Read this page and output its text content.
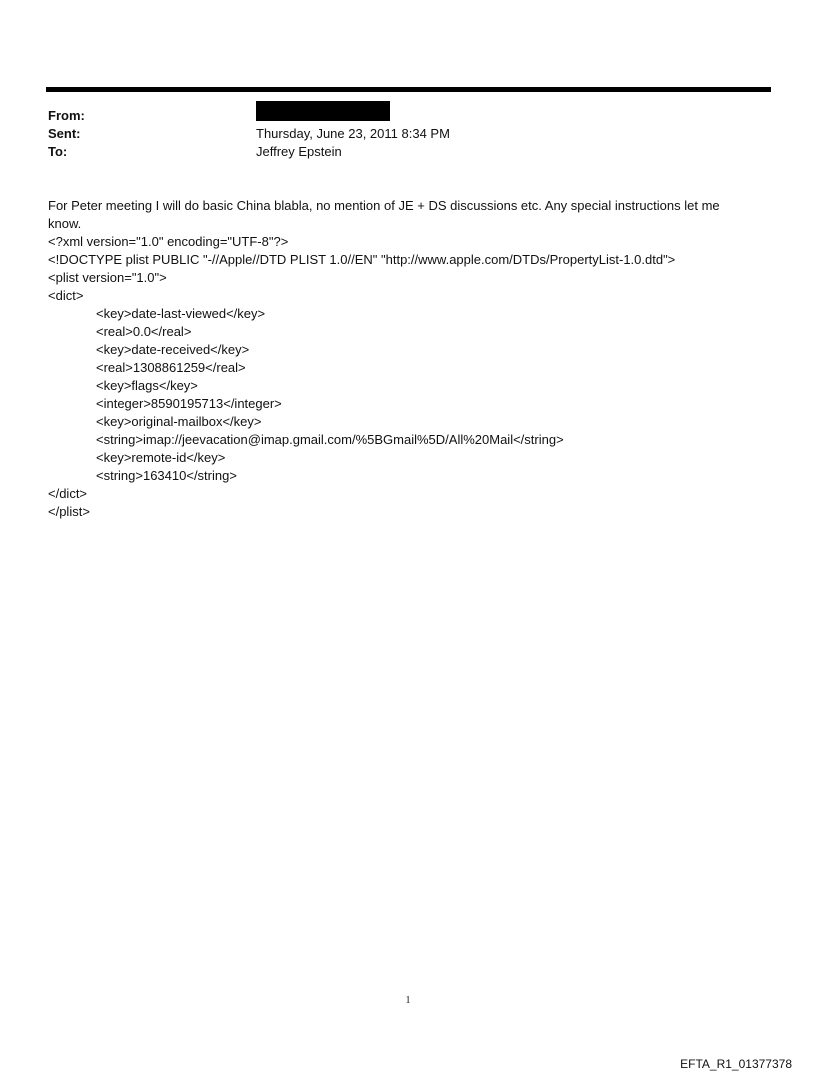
From:
Sent:	Thursday, June 23, 2011 8:34 PM
To:	Jeffrey Epstein
For Peter meeting I will do basic China blabla, no mention of JE + DS discussions etc. Any special instructions let me know.
<?xml version="1.0" encoding="UTF-8"?>
<!DOCTYPE plist PUBLIC "-//Apple//DTD PLIST 1.0//EN" "http://www.apple.com/DTDs/PropertyList-1.0.dtd">
<plist version="1.0">
<dict>
<key>date-last-viewed</key>
<real>0.0</real>
<key>date-received</key>
<real>1308861259</real>
<key>flags</key>
<integer>8590195713</integer>
<key>original-mailbox</key>
<string>imap://jeevacation@imap.gmail.com/%5BGmail%5D/All%20Mail</string>
<key>remote-id</key>
<string>163410</string>
</dict>
</plist>
1
EFTA_R1_01377378
